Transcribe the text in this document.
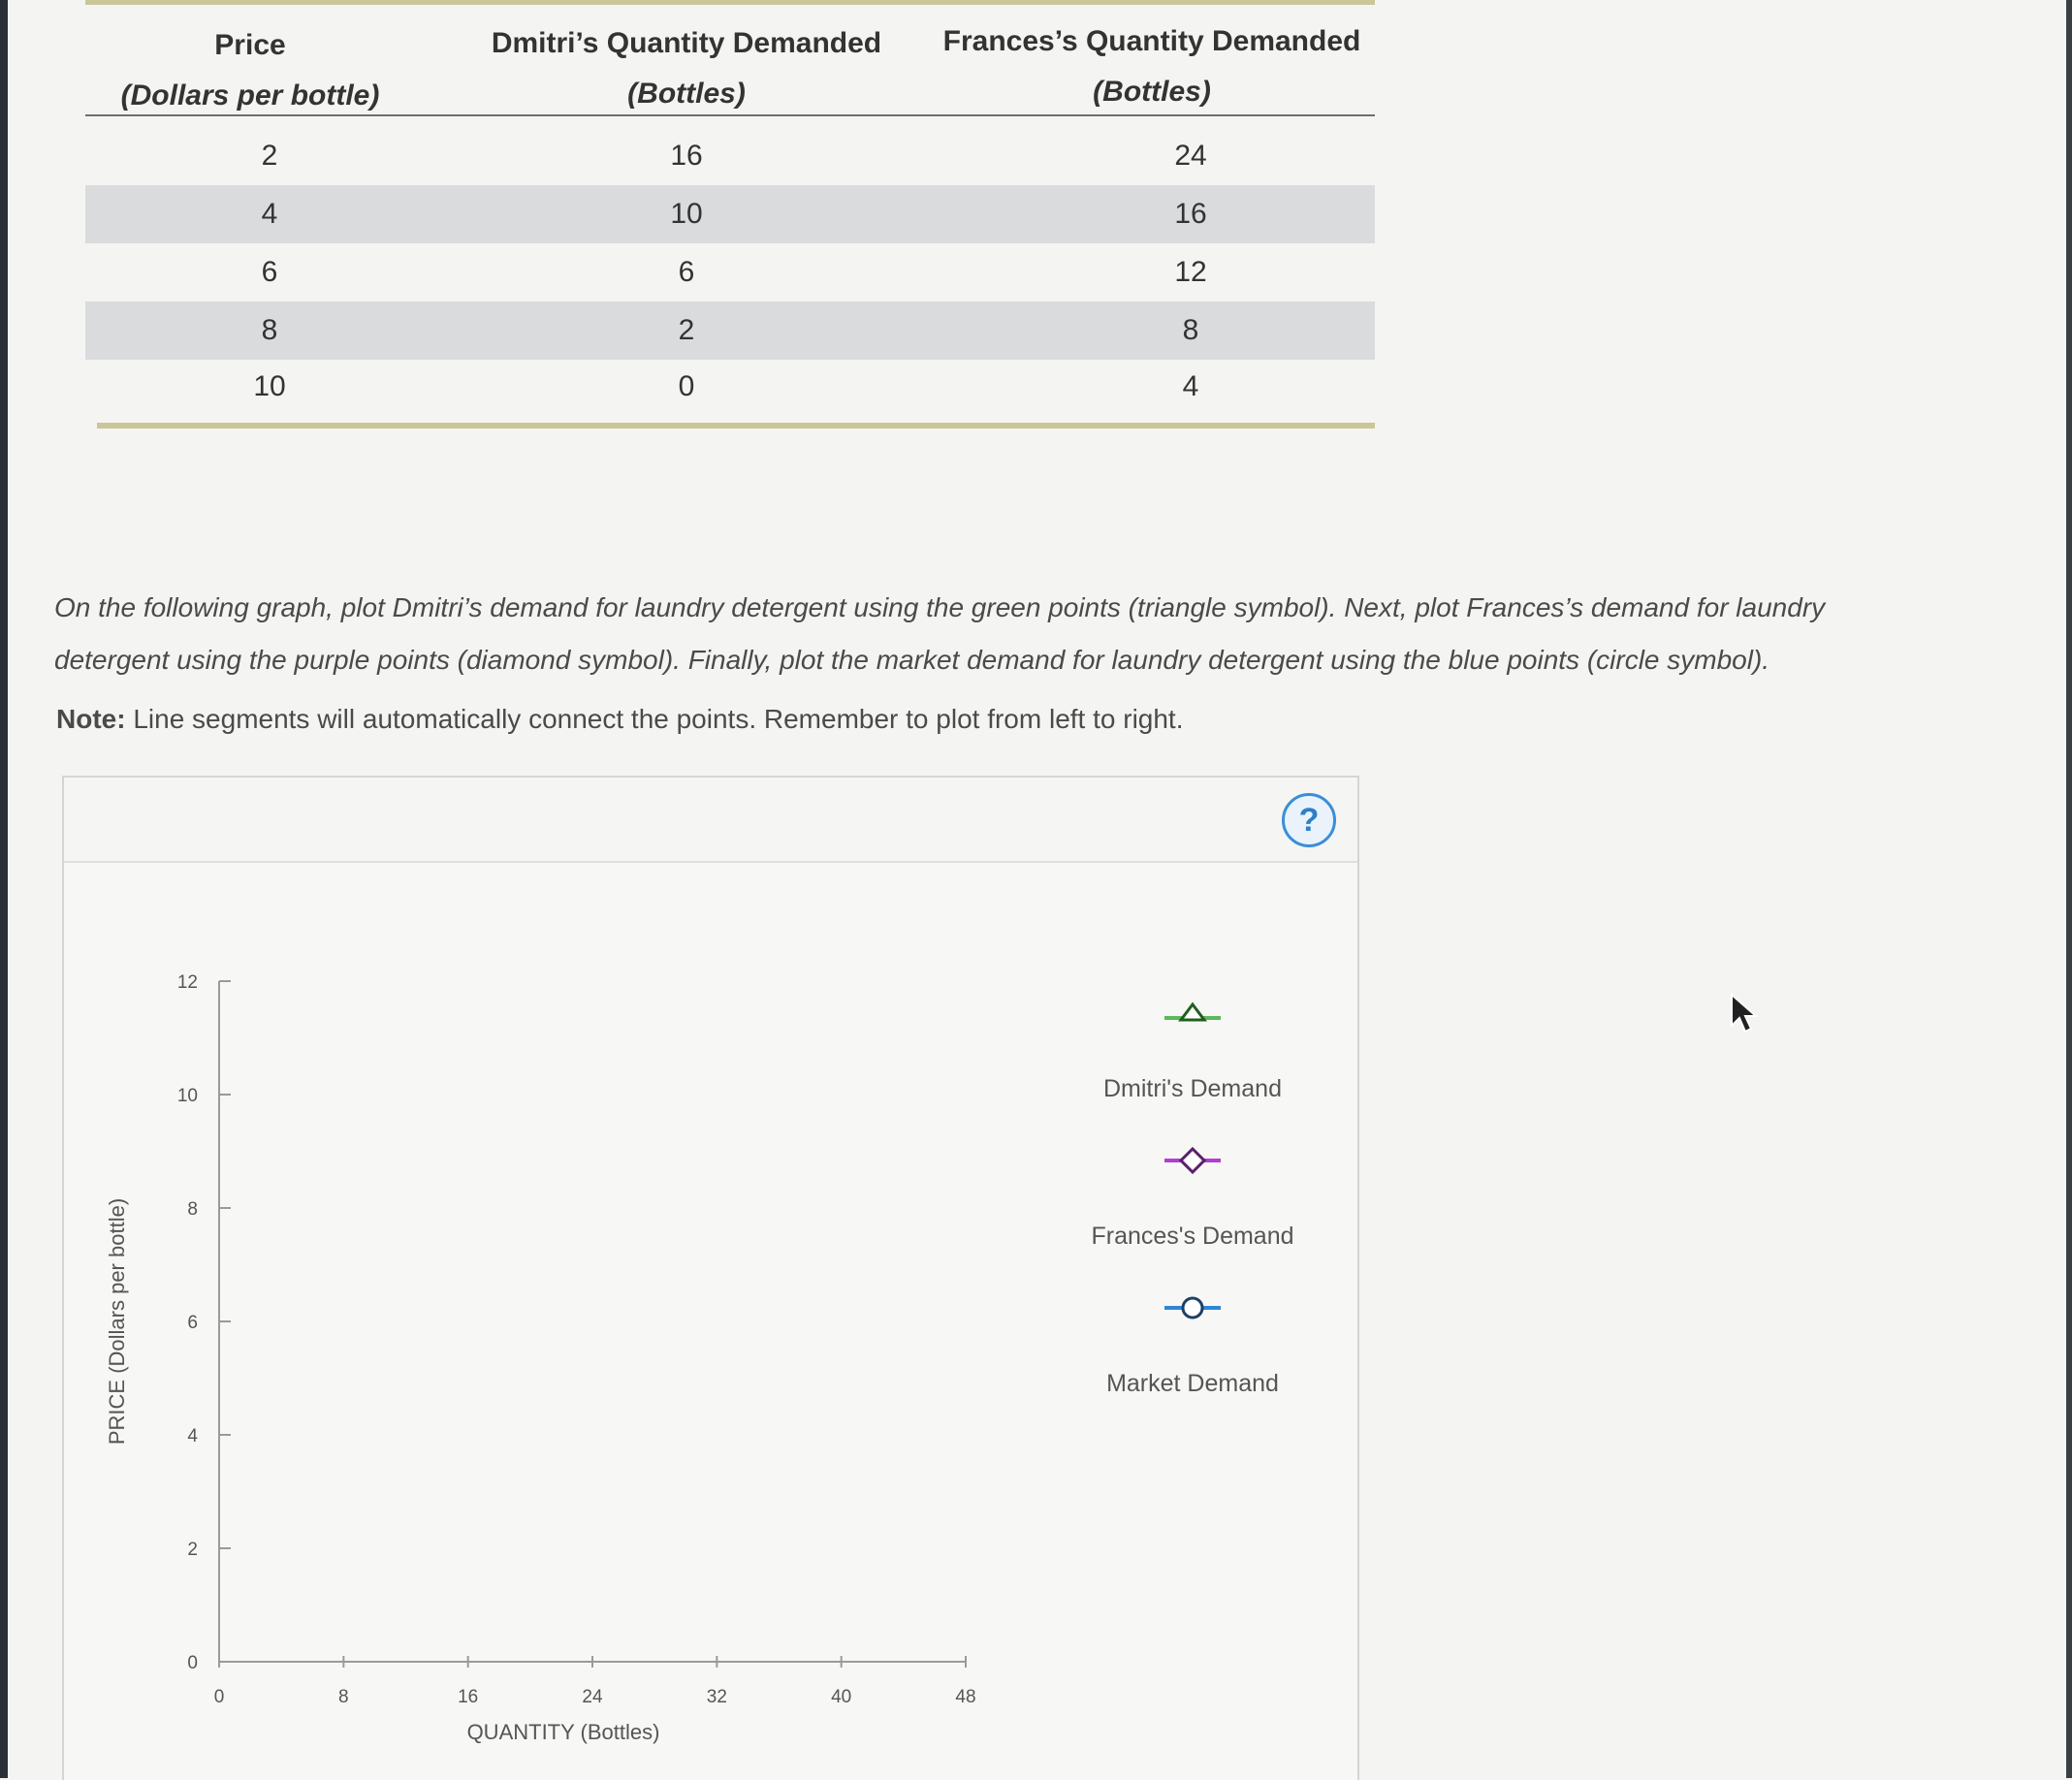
Price
(Dollars per bottle)
Dmitri’s Quantity Demanded
(Bottles)
Frances’s Quantity Demanded
(Bottles)
2	16	24
4	10	16
6	6	12
8	2	8
10	0	4
On the following graph, plot Dmitri’s demand for laundry detergent using the green points (triangle symbol). Next, plot Frances’s demand for laundry
detergent using the purple points (diamond symbol). Finally, plot the market demand for laundry detergent using the blue points (circle symbol).
Note: Line segments will automatically connect the points. Remember to plot from left to right.
?
0
2
4
6
8
10
12
0	8	16	24	32	40	48
PRICE (Dollars per bottle)
QUANTITY (Bottles)
Dmitri's Demand
Frances's Demand
Market Demand
